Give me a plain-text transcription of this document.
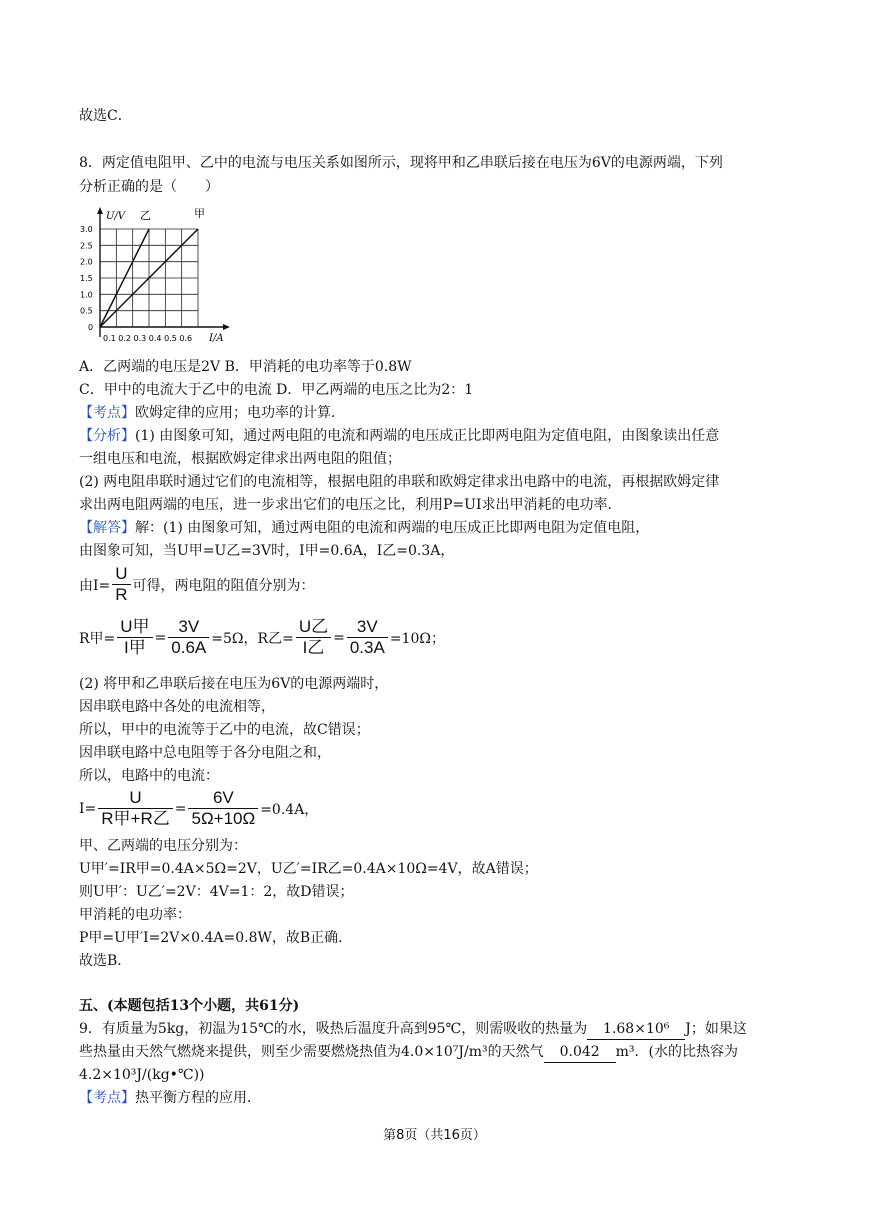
故选C．
8．两定值电阻甲、乙中的电流与电压关系如图所示，现将甲和乙串联后接在电压为6V的电源两端，下列
分析正确的是（　　）
U/V 乙	甲
3.0
2.5
2.0
1.5
1.0
0.5
0
0.1 0.2 0.3 0.4 0.5 0.6 I/A
A．乙两端的电压是2V B．甲消耗的电功率等于0.8W
C．甲中的电流大于乙中的电流 D．甲乙两端的电压之比为2：1
【考点】欧姆定律的应用；电功率的计算．
【分析】(1) 由图象可知，通过两电阻的电流和两端的电压成正比即两电阻为定值电阻，由图象读出任意
一组电压和电流，根据欧姆定律求出两电阻的阻值；
(2) 两电阻串联时通过它们的电流相等，根据电阻的串联和欧姆定律求出电路中的电流，再根据欧姆定律
求出两电阻两端的电压，进一步求出它们的电压之比，利用P=UI求出甲消耗的电功率．
【解答】解：(1) 由图象可知，通过两电阻的电流和两端的电压成正比即两电阻为定值电阻，
由图象可知，当U甲=U乙=3V时，I甲=0.6A，I乙=0.3A，
由$I= \frac{U}{R}$ 可得，两电阻的阻值分别为：
R甲= $\frac{\text{U甲}}{\text{I甲}} = \frac{3V}{0.6A} =5\Omega$，R乙= $\frac{\text{U乙}}{\text{I乙}} = \frac{3V}{0.3A} =10\Omega$；
(2) 将甲和乙串联后接在电压为6V的电源两端时，
因串联电路中各处的电流相等，
所以，甲中的电流等于乙中的电流，故C错误；
因串联电路中总电阻等于各分电阻之和，
所以，电路中的电流：
$I= \frac{U}{\text{R甲+R乙}} = \frac{6V}{5\Omega+10\Omega} =0.4A$，
甲、乙两端的电压分别为：
U甲′=IR甲=0.4A×5Ω=2V，U乙′=IR乙=0.4A×10Ω=4V，故A错误；
则U甲′：U乙′=2V：4V=1：2，故D错误；
甲消耗的电功率：
P甲=U甲′I=2V×0.4A=0.8W，故B正确．
故选B．
五、(本题包括13个小题，共61分)
9．有质量为5kg，初温为15℃的水，吸热后温度升高到95℃，则需吸收的热量为 1.68×10⁶ J；如果这
些热量由天然气燃烧来提供，则至少需要燃烧热值为4.0×10⁷J/m³的天然气 0.042 m³．(水的比热容为
4.2×10³J/(kg•℃))
【考点】热平衡方程的应用．
第8页（共16页）
